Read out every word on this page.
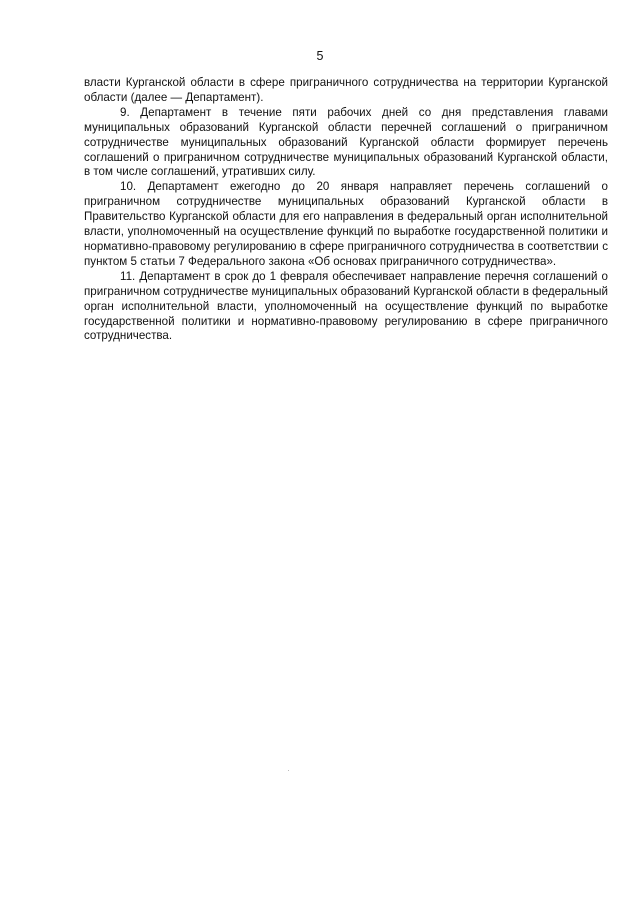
5

власти Курганской области в сфере приграничного сотрудничества на территории Курганской области (далее — Департамент).

9. Департамент в течение пяти рабочих дней со дня представления главами муниципальных образований Курганской области перечней соглашений о приграничном сотрудничестве муниципальных образований Курганской области формирует перечень соглашений о приграничном сотрудничестве муниципальных образований Курганской области, в том числе соглашений, утративших силу.

10. Департамент ежегодно до 20 января направляет перечень соглашений о приграничном сотрудничестве муниципальных образований Курганской области в Правительство Курганской области для его направления в федеральный орган исполнительной власти, уполномоченный на осуществление функций по выработке государственной политики и нормативно-правовому регулированию в сфере приграничного сотрудничества в соответствии с пунктом 5 статьи 7 Федерального закона «Об основах приграничного сотрудничества».

11. Департамент в срок до 1 февраля обеспечивает направление перечня соглашений о приграничном сотрудничестве муниципальных образований Курганской области в федеральный орган исполнительной власти, уполномоченный на осуществление функций по выработке государственной политики и нормативно-правовому регулированию в сфере приграничного сотрудничества.
